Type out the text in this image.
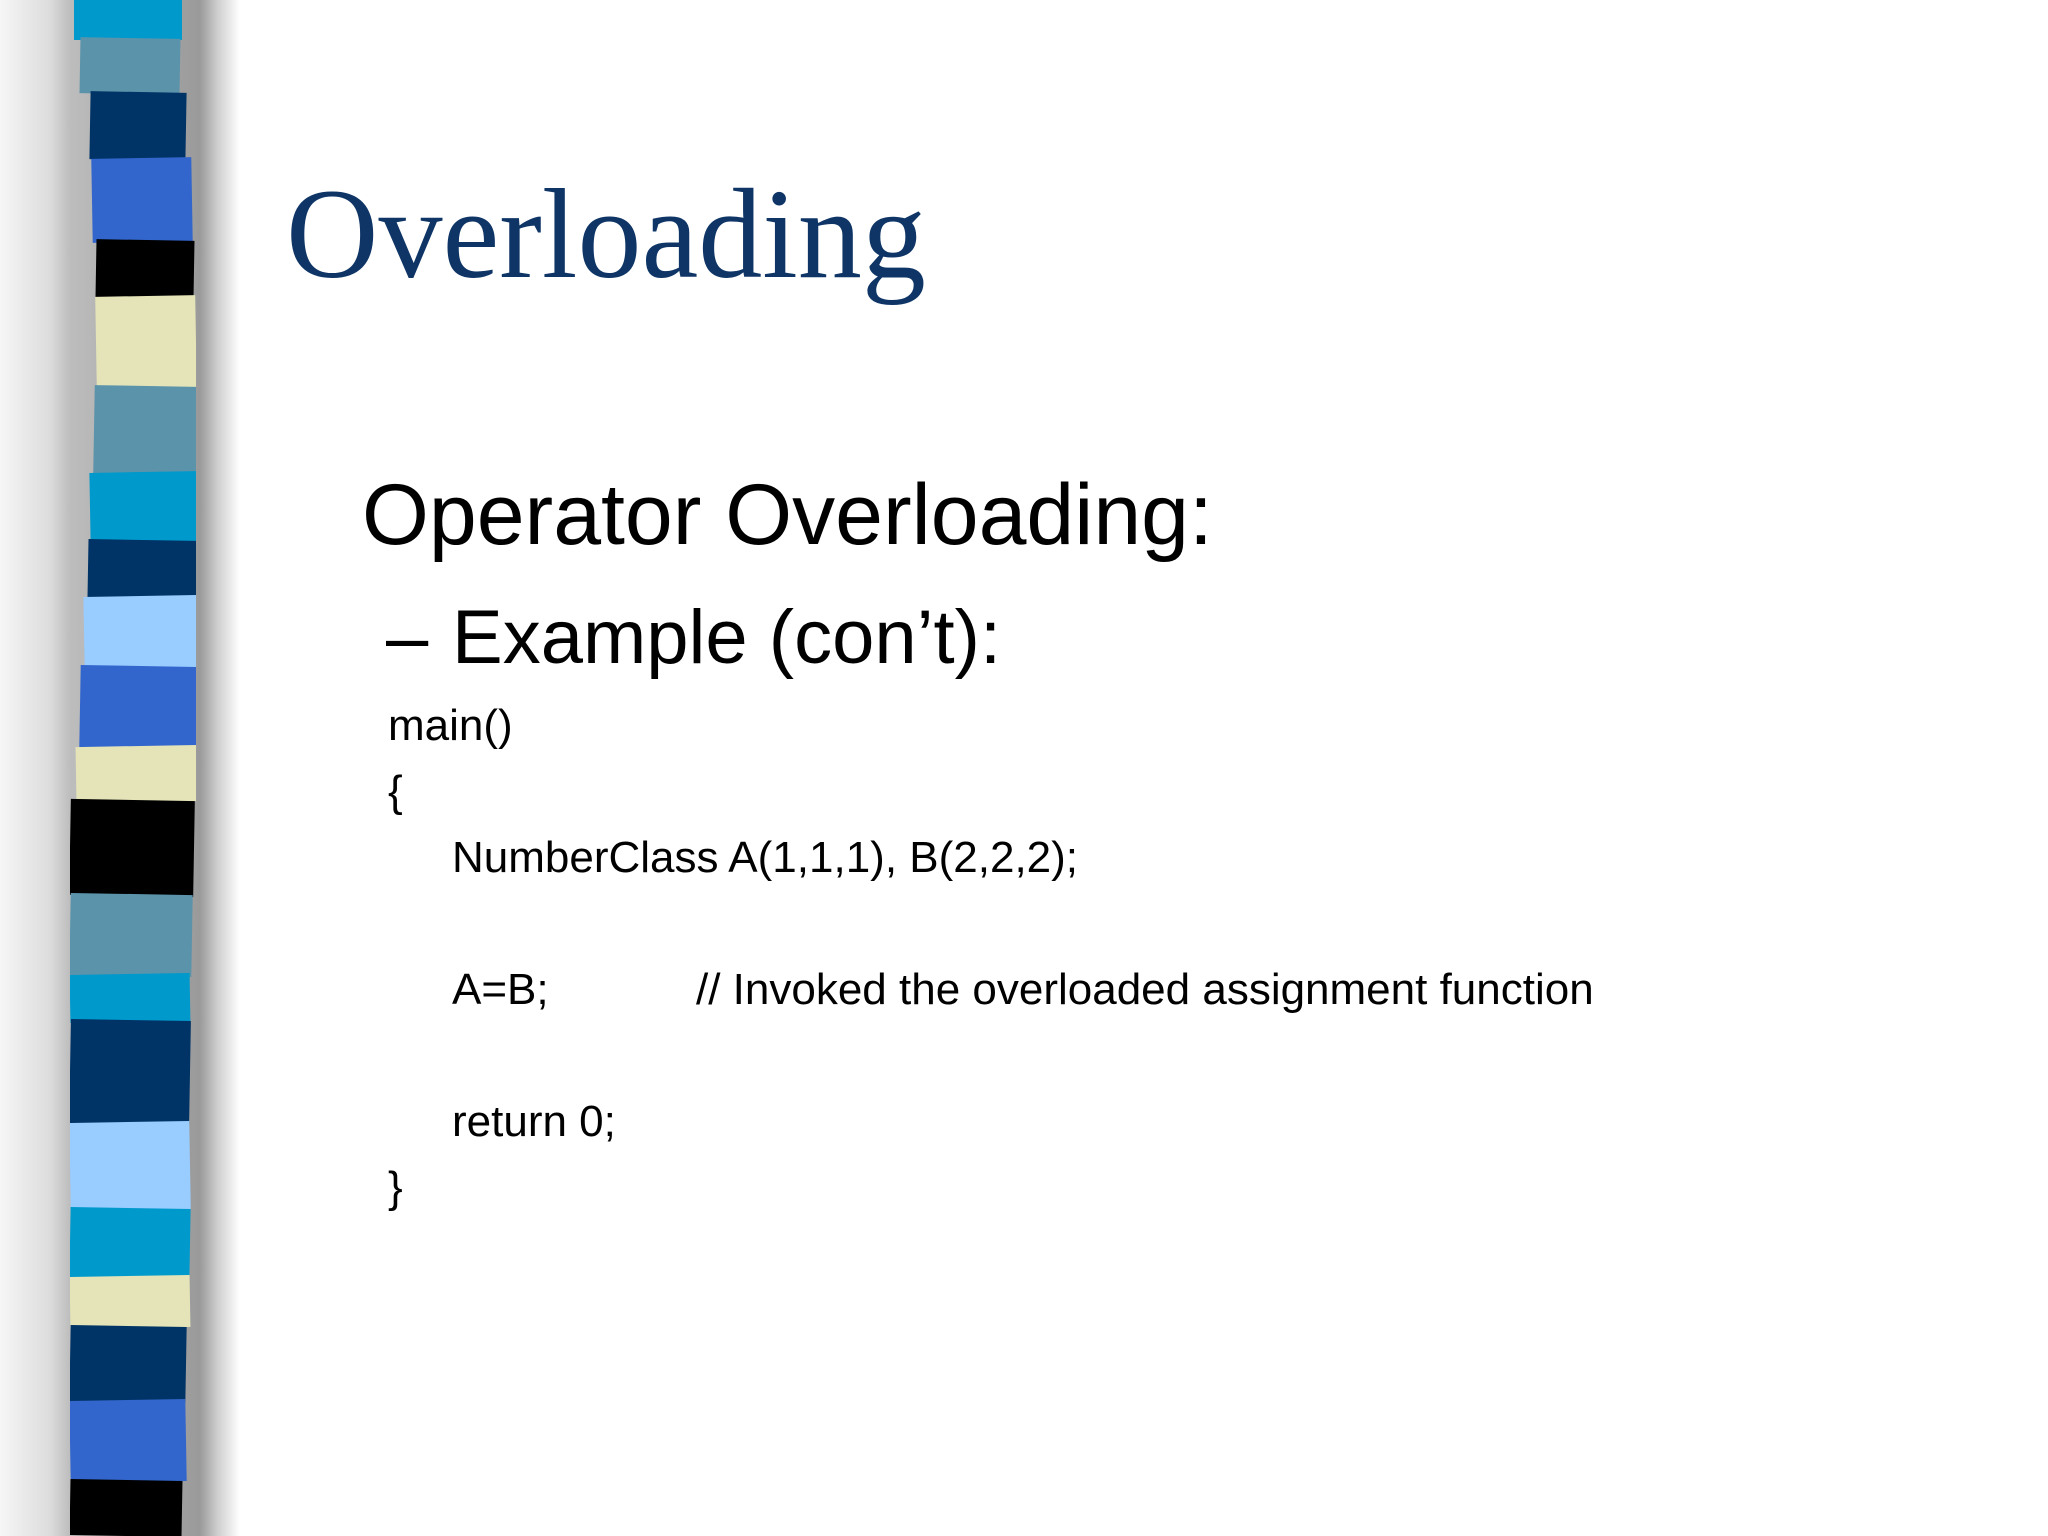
Overloading

Operator Overloading:

– Example (con’t):

main()
{
NumberClass A(1,1,1), B(2,2,2);
A=B;	// Invoked the overloaded assignment function
return 0;
}
